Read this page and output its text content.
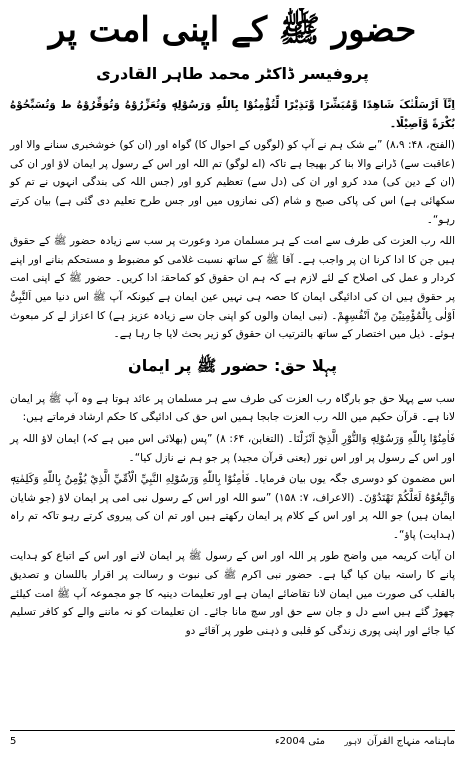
حضور ﷺ کے اپنی امت پر
پروفیسر ڈاکٹر محمد طاہر القادری

اِنَّآ اَرْسَلْنٰکَ شَاهِدًا وَّمُبَشِّرًا وَّنَذِيْرًا لِّتُؤْمِنُوْا بِاللّٰهِ وَرَسُوْلِهٖ وَتُعَزِّرُوْهُ وَتُوَقِّرُوْهُ ط وَتُسَبِّحُوْهُ بُکْرَةً وَّاَصِيْلًا۔

(الفتح، ۴۸: ۸،۹) ”بے شک ہم نے آپ کو (لوگوں کے احوال کا) گواہ اور (ان کو) خوشخبری سنانے والا اور (عاقبت سے) ڈرانے والا بنا کر بھیجا ہے تاکہ (اے لوگو) تم اللہ اور اس کے رسول پر ایمان لاؤ اور ان کی (ان کے دین کی) مدد کرو اور ان کی (دل سے) تعظیم کرو اور (جس اللہ کی بندگی انہوں نے تم کو سکھائی ہے) اس کی پاکی صبح و شام (کی نمازوں میں اور جس طرح تعلیم دی گئی ہے) بیان کرتے رہو“۔

اللہ رب العزت کی طرف سے امت کے ہر مسلمان مرد وعورت پر سب سے زیادہ حضور ﷺ کے حقوق ہیں جن کا ادا کرنا ان پر واجب ہے۔ آقا ﷺ کے ساتھ نسبت غلامی کو مضبوط و مستحکم بنانے اور اپنے کردار و عمل کی اصلاح کے لئے لازم ہے کہ ہم ان حقوق کو کماحقہٗ ادا کریں۔ حضور ﷺ کے اپنی امت پر حقوق ہیں ان کی ادائیگی ایمان کا حصہ ہی نہیں عین ایمان ہے کیونکہ آپ ﷺ اس دنیا میں اَلنَّبِیُّ اَوْلٰی بِالْمُؤْمِنِیْنَ مِنْ اَنْفُسِهِمْ۔ (نبی ایمان والوں کو اپنی جان سے زیادہ عزیز ہے) کا اعزاز لے کر مبعوث ہوئے۔ ذیل میں اختصار کے ساتھ بالترتیب ان حقوق کو زیر بحث لایا جا رہا ہے۔

پہلا حق: حضور ﷺ پر ایمان

سب سے پہلا حق جو بارگاہ رب العزت کی طرف سے ہر مسلمان پر عائد ہوتا ہے وہ آپ ﷺ پر ایمان لانا ہے۔ قرآن حکیم میں اللہ رب العزت جابجا ہمیں اس حق کی ادائیگی کا حکم ارشاد فرماتے ہیں:

فَاٰمِنُوْا بِاللّٰهِ وَرَسُوْلِهٖ وَالنُّوْرِ الَّذِيْٓ اَنْزَلْنَا۔ (التغابن، ۶۴: ۸) ”پس (بھلائی اس میں ہے کہ) ایمان لاؤ اللہ پر اور اس کے رسول پر اور اس نور (یعنی قرآن مجید) پر جو ہم نے نازل کیا“۔

اس مضمون کو دوسری جگہ یوں بیان فرمایا۔ فَاٰمِنُوْا بِاللّٰهِ وَرَسُوْلِهِ النَّبِيِّ الْاُمِّيِّ الَّذِيْ يُؤْمِنُ بِاللّٰهِ وَکَلِمٰتِهٖ وَاتَّبِعُوْهُ لَعَلَّکُمْ تَهْتَدُوْنَ۔ (الاعراف، ۷: ۱۵۸) ”سو اللہ اور اس کے رسول نبی امی پر ایمان لاؤ (جو شایان ایمان ہیں) جو اللہ پر اور اس کے کلام پر ایمان رکھتے ہیں اور تم ان کی پیروی کرتے رہو تاکہ تم راہ (ہدایت) پاؤ“۔

ان آیات کریمہ میں واضح طور پر اللہ اور اس کے رسول ﷺ پر ایمان لانے اور اس کے اتباع کو ہدایت پانے کا راستہ بیان کیا گیا ہے۔ حضور نبی اکرم ﷺ کی نبوت و رسالت پر اقرار باللسان و تصدیق بالقلب کی صورت میں ایمان لانا تقاضائے ایمان ہے اور تعلیمات دینیہ کا جو مجموعہ آپ ﷺ امت کیلئے چھوڑ گئے ہیں اسے دل و جان سے حق اور سچ مانا جائے۔ ان تعلیمات کو نہ ماننے والے کو کافر تسلیم کیا جائے اور اپنی پوری زندگی کو قلبی و ذہنی طور پر آقائے دو

ماہنامہ منہاج القرآن لاہور
مئی 2004ء
5
